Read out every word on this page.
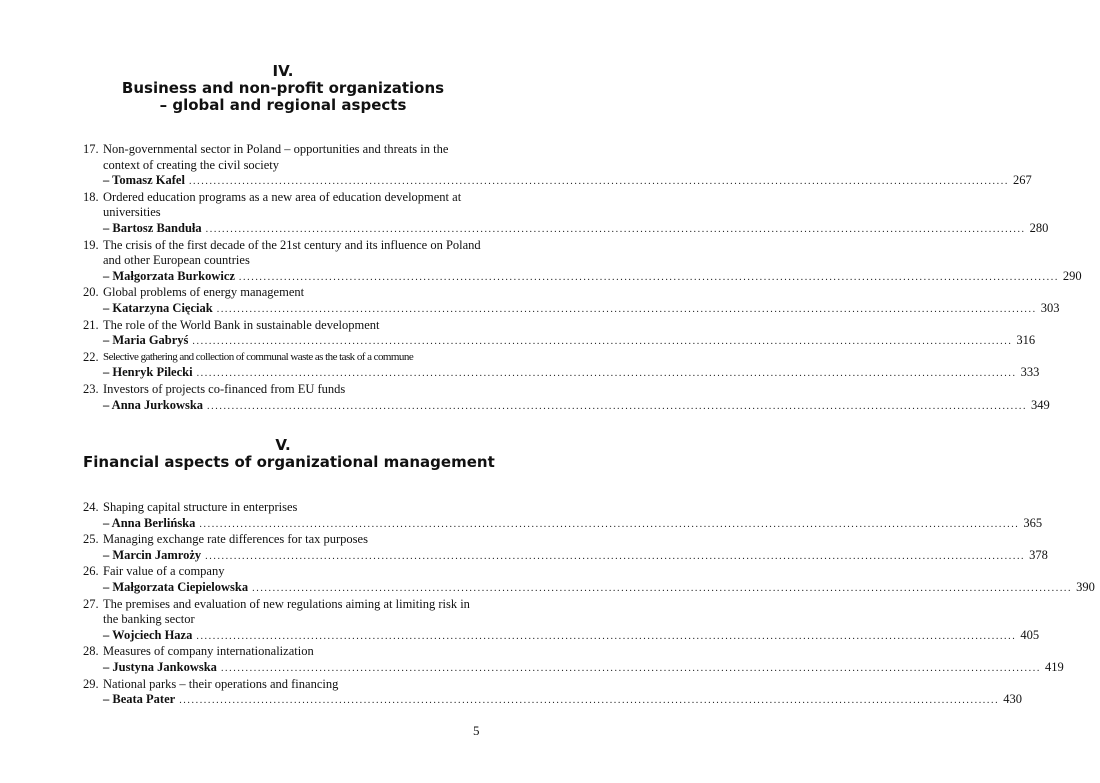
IV.
Business and non-profit organizations
– global and regional aspects
17. Non-governmental sector in Poland – opportunities and threats in the context of creating the civil society
– Tomasz Kafel ........................................................................................................................................................................................................ 267
18. Ordered education programs as a new area of education development at universities
– Bartosz Banduła ........................................................................................................................................................................................................ 280
19. The crisis of the first decade of the 21st century and its influence on Poland and other European countries
– Małgorzata Burkowicz ........................................................................................................................................................................................................ 290
20. Global problems of energy management
– Katarzyna Cięciak ........................................................................................................................................................................................................ 303
21. The role of the World Bank in sustainable development
– Maria Gabryś ........................................................................................................................................................................................................ 316
22. Selective gathering and collection of communal waste as the task of a commune
– Henryk Pilecki ........................................................................................................................................................................................................ 333
23. Investors of projects co-financed from EU funds
– Anna Jurkowska ........................................................................................................................................................................................................ 349
V.
Financial aspects of organizational management
24. Shaping capital structure in enterprises
– Anna Berlińska ........................................................................................................................................................................................................ 365
25. Managing exchange rate differences for tax purposes
– Marcin Jamroży ........................................................................................................................................................................................................ 378
26. Fair value of a company
– Małgorzata Ciepielowska ........................................................................................................................................................................................................ 390
27. The premises and evaluation of new regulations aiming at limiting risk in the banking sector
– Wojciech Haza ........................................................................................................................................................................................................ 405
28. Measures of company internationalization
– Justyna Jankowska ........................................................................................................................................................................................................ 419
29. National parks – their operations and financing
– Beata Pater ........................................................................................................................................................................................................ 430
5
